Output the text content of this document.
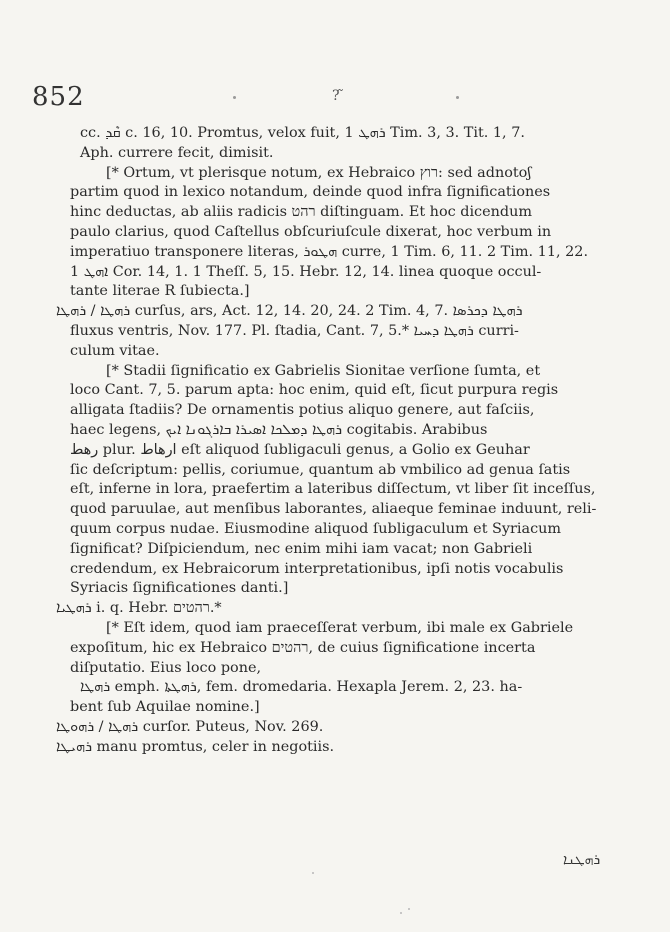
852	? ̃
cc. ܩܶܕ c. 16, 10. Promtus, velox fuit, ܪܗܛ 1 Tim. 3, 3. Tit. 1, 7.
Aph. currere fecit, dimisit.
[* Ortum, vt plerisque notum, ex Hebraico רוץ: sed adnotoʃ
partim quod in lexico notandum, deinde quod infra ſignificationes
hinc deductas, ab aliis radicis רהט diſtinguam. Et hoc dicendum
paulo clarius, quod Caſtellus obſcuriuſcule dixerat, hoc verbum in
imperatiuo transponere literas, ܗܛܘܪ curre, 1 Tim. 6, 11. 2 Tim. 11, 22.
ܐܗܛ 1 Cor. 14, 1. 1 Theſſ. 5, 15. Hebr. 12, 14. linea quoque occul-
tante literae R ſubiecta.]
ܪܗܛܐ / ܪܗܛܐ curſus, ars, Act. 12, 14. 20, 24. 2 Tim. 4, 7. ܪܗܛܐ ܕܟܪܣܐ
fluxus ventris, Nov. 177. Pl. ſtadia, Cant. 7, 5.* ܪܗܛܐ ܕܚܝܐ curri-
culum vitae.
[* Stadii ſignificatio ex Gabrielis Sionitae verſione ſumta, et
loco Cant. 7, 5. parum apta: hoc enim, quid eſt, ſicut purpura regis
alligata ſtadiis? De ornamentis potius aliquo genere, aut faſciis,
haec legens, ܪܗܛܐ ܕܡܠܟܐ ܐܣܝܪܐ ܒܐܪܓܘܢܐ ܐܝܟ cogitabis. Arabibus
رهط plur. ارهاط eſt aliquod ſubligaculi genus, a Golio ex Geuhar
ſic deſcriptum: pellis, coriumue, quantum ab vmbilico ad genua ſatis
eſt, inferne in lora, praefertim a lateribus diſſectum, vt liber ſit inceſſus,
quod paruulae, aut menſibus laborantes, aliaeque feminae induunt, reli-
quum corpus nudae. Eiusmodine aliquod ſubligaculum et Syriacum
ſignificat? Diſpiciendum, nec enim mihi iam vacat; non Gabrieli
credendum, ex Hebraicorum interpretationibus, ipſi notis vocabulis
Syriacis ſignificationes danti.]
ܪܗܛܝܐ i. q. Hebr. רהטים.*
[* Eſt idem, quod iam praeceſſerat verbum, ibi male ex Gabriele
expoſitum, hic ex Hebraico רהטים, de cuius ſignificatione incerta
diſputatio. Eius loco pone,
ܪܗܛܐ emph. ܪܗܛܬܐ, fem. dromedaria. Hexapla Jerem. 2, 23. ha-
bent ſub Aquilae nomine.]
ܪܗܛܐ / ܪܗܘܛܐ curſor. Puteus, Nov. 269.
ܪܗܝܛܐ manu promtus, celer in negotiis.
ܪܗܛܢܐ
